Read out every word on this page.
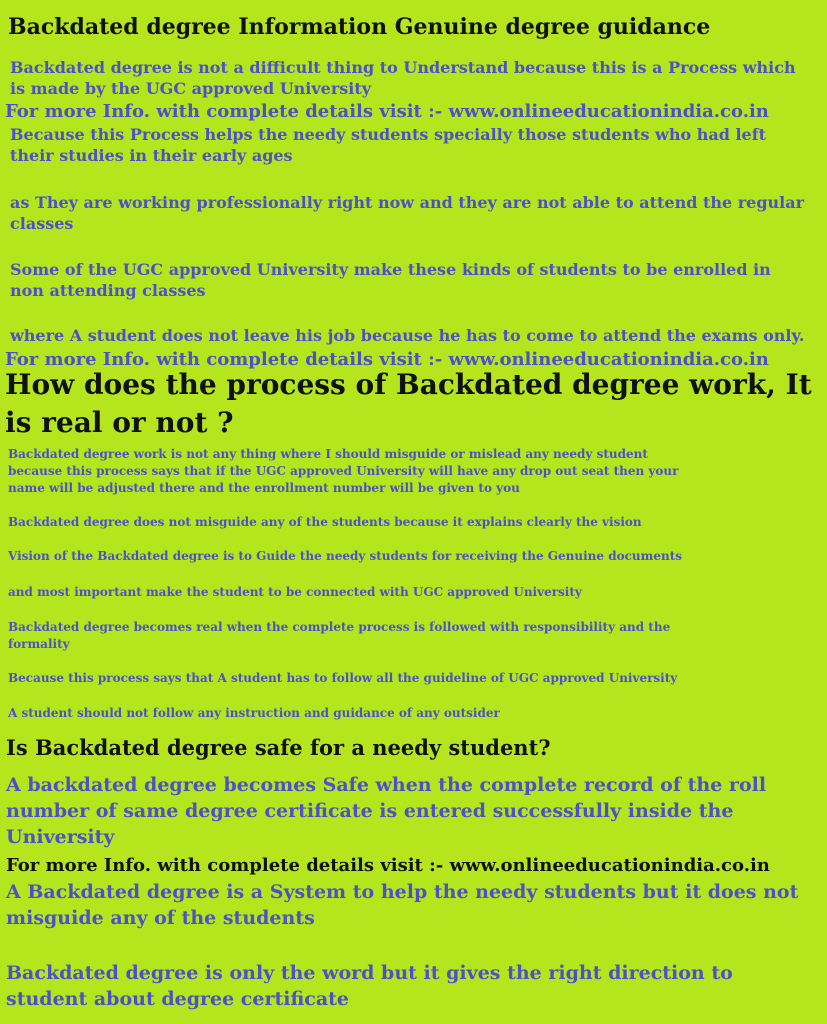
Backdated degree Information Genuine degree guidance

Backdated degree is not a difficult thing to Understand because this is a Process which is made by the UGC approved University

For more Info. with complete details visit :- www.onlineeducationindia.co.in

Because this Process helps the needy students specially those students who had left their studies in their early ages

as They are working professionally right now and they are not able to attend the regular classes

Some of the UGC approved University make these kinds of students to be enrolled in non attending classes

where A student does not leave his job because he has to come to attend the exams only.

For more Info. with complete details visit :- www.onlineeducationindia.co.in
How does the process of Backdated degree work, It is real or not ?

Backdated degree work is not any thing where I should misguide or mislead any needy student because this process says that if the UGC approved University will have any drop out seat then your name will be adjusted there and the enrollment number will be given to you

Backdated degree does not misguide any of the students because it explains clearly the vision

Vision of the Backdated degree is to Guide the needy students for receiving the Genuine documents

and most important make the student to be connected with UGC approved University

Backdated degree becomes real when the complete process is followed with responsibility and the formality

Because this process says that A student has to follow all the guideline of UGC approved University

A student should not follow any instruction and guidance of any outsider

Is Backdated degree safe for a needy student?

A backdated degree becomes Safe when the complete record of the roll number of same degree certificate is entered successfully inside the University

For more Info. with complete details visit :- www.onlineeducationindia.co.in

A Backdated degree is a System to help the needy students but it does not misguide any of the students

Backdated degree is only the word but it gives the right direction to student about degree certificate
